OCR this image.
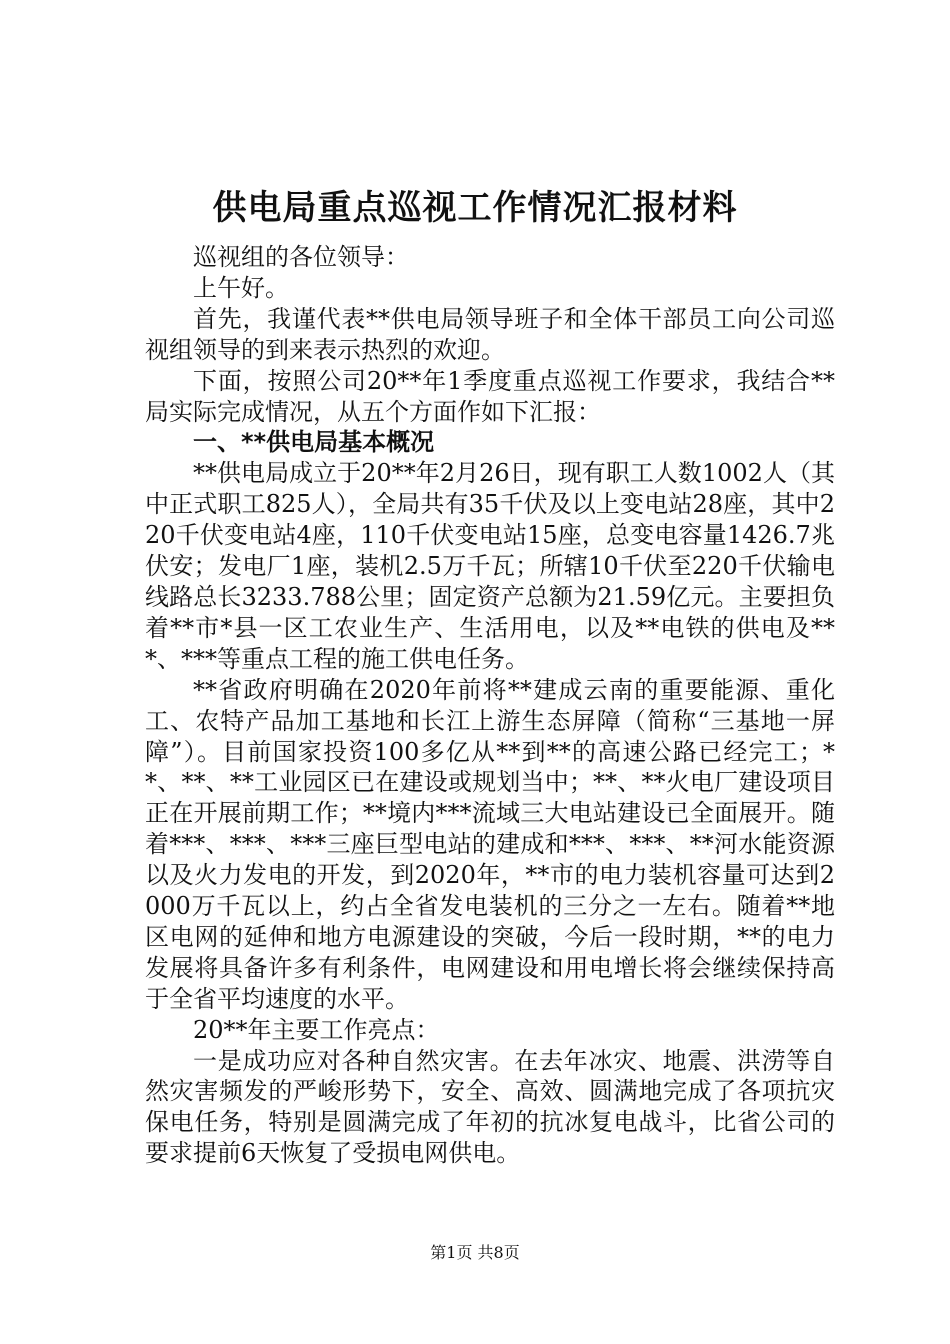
供电局重点巡视工作情况汇报材料

巡视组的各位领导：

上午好。

首先，我谨代表**供电局领导班子和全体干部员工向公司巡视组领导的到来表示热烈的欢迎。

下面，按照公司20**年1季度重点巡视工作要求，我结合**局实际完成情况，从五个方面作如下汇报：

一、**供电局基本概况

**供电局成立于20**年2月26日，现有职工人数1002人（其中正式职工825人），全局共有35千伏及以上变电站28座，其中220千伏变电站4座，110千伏变电站15座，总变电容量1426.7兆伏安；发电厂1座，装机2.5万千瓦；所辖10千伏至220千伏输电线路总长3233.788公里；固定资产总额为21.59亿元。主要担负着**市*县一区工农业生产、生活用电，以及**电铁的供电及***、***等重点工程的施工供电任务。

**省政府明确在2020年前将**建成云南的重要能源、重化工、农特产品加工基地和长江上游生态屏障（简称“三基地一屏障”）。目前国家投资100多亿从**到**的高速公路已经完工；**、**、**工业园区已在建设或规划当中；**、**火电厂建设项目正在开展前期工作；**境内***流域三大电站建设已全面展开。随着***、***、***三座巨型电站的建成和***、***、**河水能资源以及火力发电的开发，到2020年，**市的电力装机容量可达到2000万千瓦以上，约占全省发电装机的三分之一左右。随着**地区电网的延伸和地方电源建设的突破，今后一段时期，**的电力发展将具备许多有利条件，电网建设和用电增长将会继续保持高于全省平均速度的水平。

20**年主要工作亮点：

一是成功应对各种自然灾害。在去年冰灾、地震、洪涝等自然灾害频发的严峻形势下，安全、高效、圆满地完成了各项抗灾保电任务，特别是圆满完成了年初的抗冰复电战斗，比省公司的要求提前6天恢复了受损电网供电。

第1页 共8页
